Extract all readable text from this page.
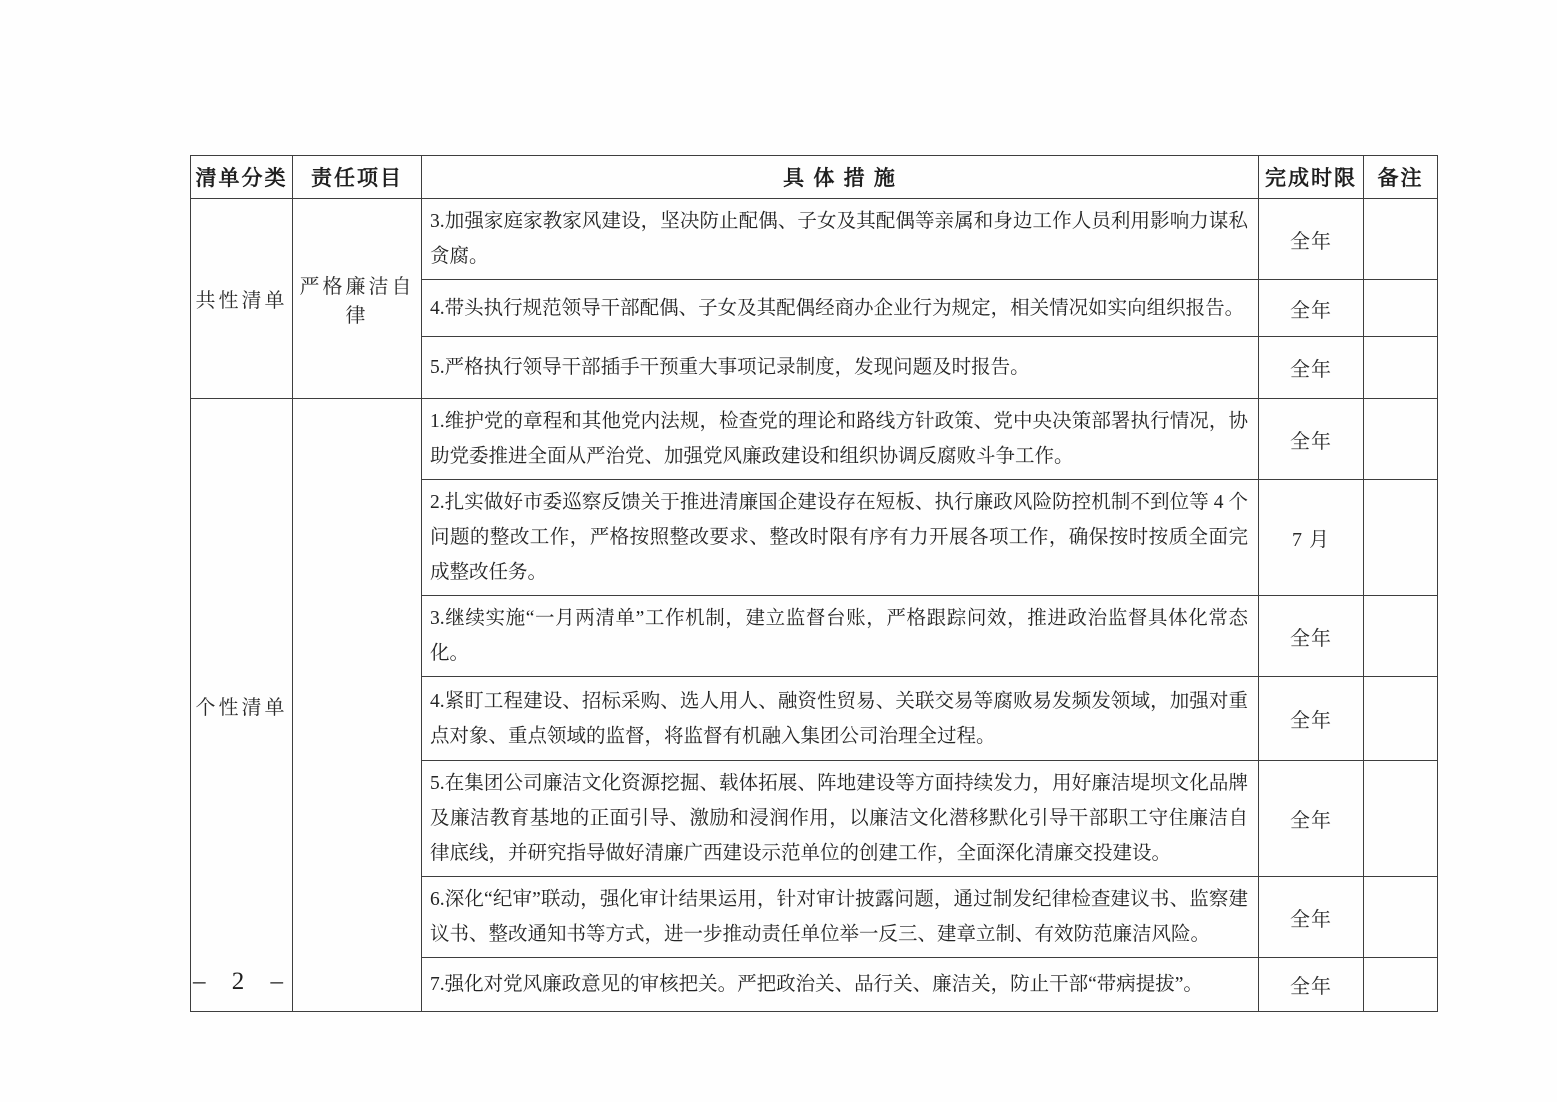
清单分类	责任项目	具 体 措 施	完成时限	备注
共性清单	严格廉洁自律	3.加强家庭家教家风建设，坚决防止配偶、子女及其配偶等亲属和身边工作人员利用影响力谋私贪腐。	全年	
		4.带头执行规范领导干部配偶、子女及其配偶经商办企业行为规定，相关情况如实向组织报告。	全年	
		5.严格执行领导干部插手干预重大事项记录制度，发现问题及时报告。	全年	
个性清单		1.维护党的章程和其他党内法规，检查党的理论和路线方针政策、党中央决策部署执行情况，协助党委推进全面从严治党、加强党风廉政建设和组织协调反腐败斗争工作。	全年	
		2.扎实做好市委巡察反馈关于推进清廉国企建设存在短板、执行廉政风险防控机制不到位等 4 个问题的整改工作，严格按照整改要求、整改时限有序有力开展各项工作，确保按时按质全面完成整改任务。	7 月	
		3.继续实施“一月两清单”工作机制，建立监督台账，严格跟踪问效，推进政治监督具体化常态化。	全年	
		4.紧盯工程建设、招标采购、选人用人、融资性贸易、关联交易等腐败易发频发领域，加强对重点对象、重点领域的监督，将监督有机融入集团公司治理全过程。	全年	
		5.在集团公司廉洁文化资源挖掘、载体拓展、阵地建设等方面持续发力，用好廉洁堤坝文化品牌及廉洁教育基地的正面引导、激励和浸润作用，以廉洁文化潜移默化引导干部职工守住廉洁自律底线，并研究指导做好清廉广西建设示范单位的创建工作，全面深化清廉交投建设。	全年	
		6.深化“纪审”联动，强化审计结果运用，针对审计披露问题，通过制发纪律检查建议书、监察建议书、整改通知书等方式，进一步推动责任单位举一反三、建章立制、有效防范廉洁风险。	全年	
		7.强化对党风廉政意见的审核把关。严把政治关、品行关、廉洁关，防止干部“带病提拔”。	全年	
– 2 –
